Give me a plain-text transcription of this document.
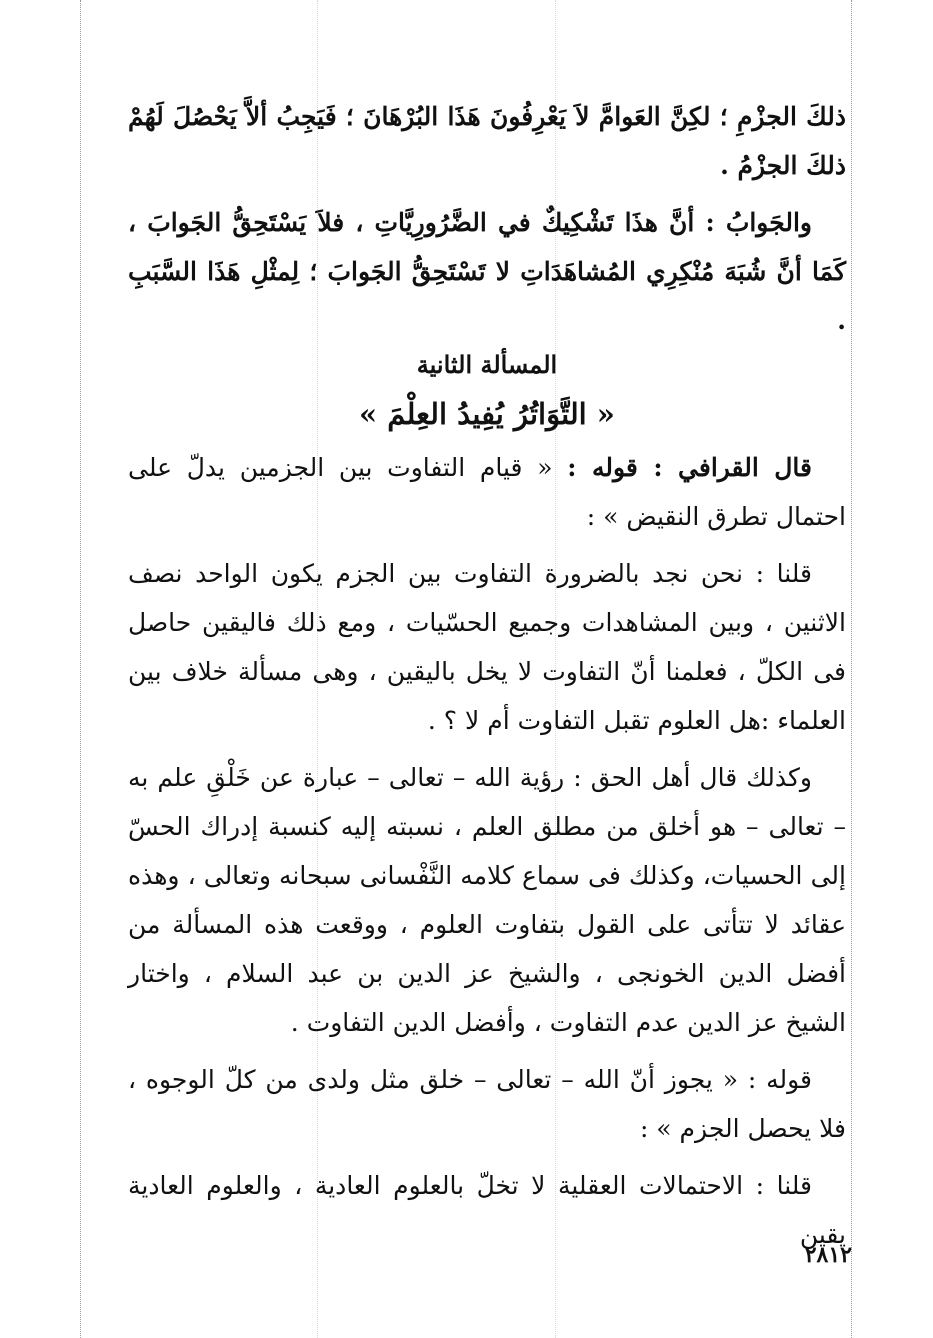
ذلكَ الجزْمِ ؛ لكِنَّ العَوامَّ لاَ يَعْرِفُونَ هَذَا البُرْهَانَ ؛ فَيَجِبُ ألاَّ يَحْصُلَ لَهُمْ ذلكَ الجزْمُ .

والجَوابُ : أنَّ هذَا تَشْكِيكٌ في الضَّرُورِيَّاتِ ، فلاَ يَسْتَحِقُّ الجَوابَ ، كَمَا أنَّ شُبَهَ مُنْكِرِي المُشاهَدَاتِ لا تَسْتَحِقُّ الجَوابَ ؛ لِمثْلِ هَذَا السَّبَبِ .

المسألة الثانية
« التَّوَاتُرُ يُفِيدُ العِلْمَ »

قال القرافي : قوله : « قيام التفاوت بين الجزمين يدلّ على احتمال تطرق النقيض » :

قلنا : نحن نجد بالضرورة التفاوت بين الجزم يكون الواحد نصف الاثنين ، وبين المشاهدات وجميع الحسّيات ، ومع ذلك فاليقين حاصل فى الكلّ ، فعلمنا أنّ التفاوت لا يخل باليقين ، وهى مسألة خلاف بين العلماء :هل العلوم تقبل التفاوت أم لا ؟ .

وكذلك قال أهل الحق : رؤية الله – تعالى – عبارة عن خَلْقِ علم به – تعالى – هو أخلق من مطلق العلم ، نسبته إليه كنسبة إدراك الحسّ إلى الحسيات، وكذلك فى سماع كلامه النَّفْسانى سبحانه وتعالى ، وهذه عقائد لا تتأتى على القول بتفاوت العلوم ، ووقعت هذه المسألة من أفضل الدين الخونجى ، والشيخ عز الدين بن عبد السلام ، واختار الشيخ عز الدين عدم التفاوت ، وأفضل الدين التفاوت .

قوله : « يجوز أنّ الله – تعالى – خلق مثل ولدى من كلّ الوجوه ، فلا يحصل الجزم » :

قلنا : الاحتمالات العقلية لا تخلّ بالعلوم العادية ، والعلوم العادية يقين

٢٨١٢
